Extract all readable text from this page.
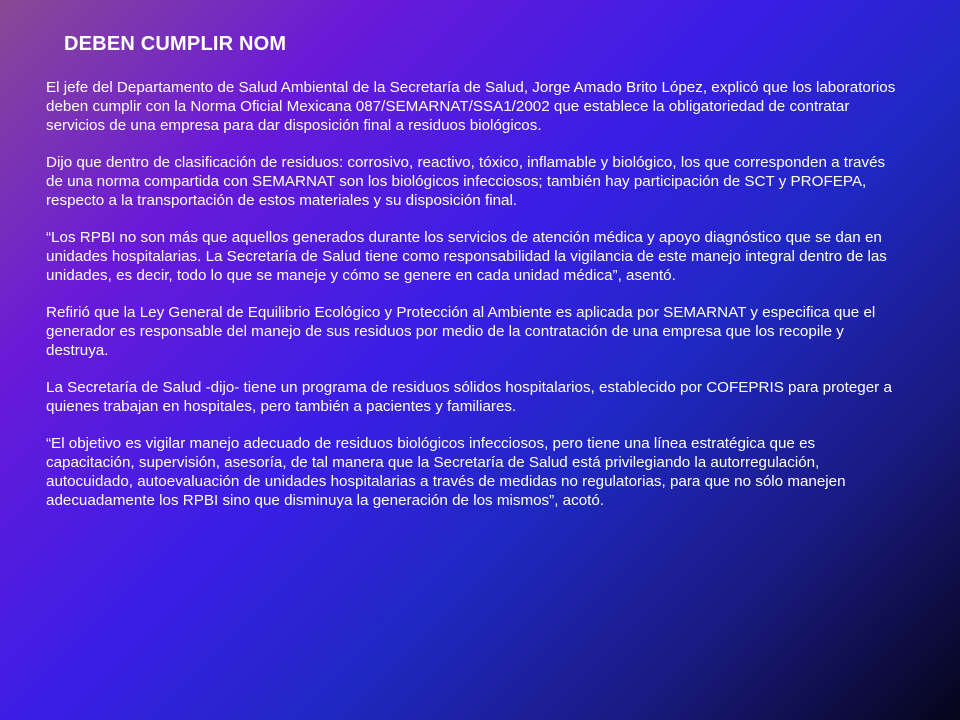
DEBEN CUMPLIR NOM

El jefe del Departamento de Salud Ambiental de la Secretaría de Salud, Jorge Amado Brito López, explicó que los laboratorios deben cumplir con la Norma Oficial Mexicana 087/SEMARNAT/SSA1/2002 que establece la obligatoriedad de contratar servicios de una empresa para dar disposición final a residuos biológicos.

Dijo que dentro de clasificación de residuos: corrosivo, reactivo, tóxico, inflamable y biológico, los que corresponden a través de una norma compartida con SEMARNAT son los biológicos infecciosos; también hay participación de SCT y PROFEPA, respecto a la transportación de estos materiales y su disposición final.

“Los RPBI no son más que aquellos generados durante los servicios de atención médica y apoyo diagnóstico que se dan en unidades hospitalarias. La Secretaría de Salud tiene como responsabilidad la vigilancia de este manejo integral dentro de las unidades, es decir, todo lo que se maneje y cómo se genere en cada unidad médica”, asentó.

Refirió que la Ley General de Equilibrio Ecológico y Protección al Ambiente es aplicada por SEMARNAT y especifica que el generador es responsable del manejo de sus residuos por medio de la contratación de una empresa que los recopile y destruya.

La Secretaría de Salud -dijo- tiene un programa de residuos sólidos hospitalarios, establecido por COFEPRIS para proteger a quienes trabajan en hospitales, pero también a pacientes y familiares.

“El objetivo es vigilar manejo adecuado de residuos biológicos infecciosos, pero tiene una línea estratégica que es capacitación, supervisión, asesoría, de tal manera que la Secretaría de Salud está privilegiando la autorregulación, autocuidado, autoevaluación de unidades hospitalarias a través de medidas no regulatorias, para que no sólo manejen adecuadamente los RPBI sino que disminuya la generación de los mismos”, acotó.
